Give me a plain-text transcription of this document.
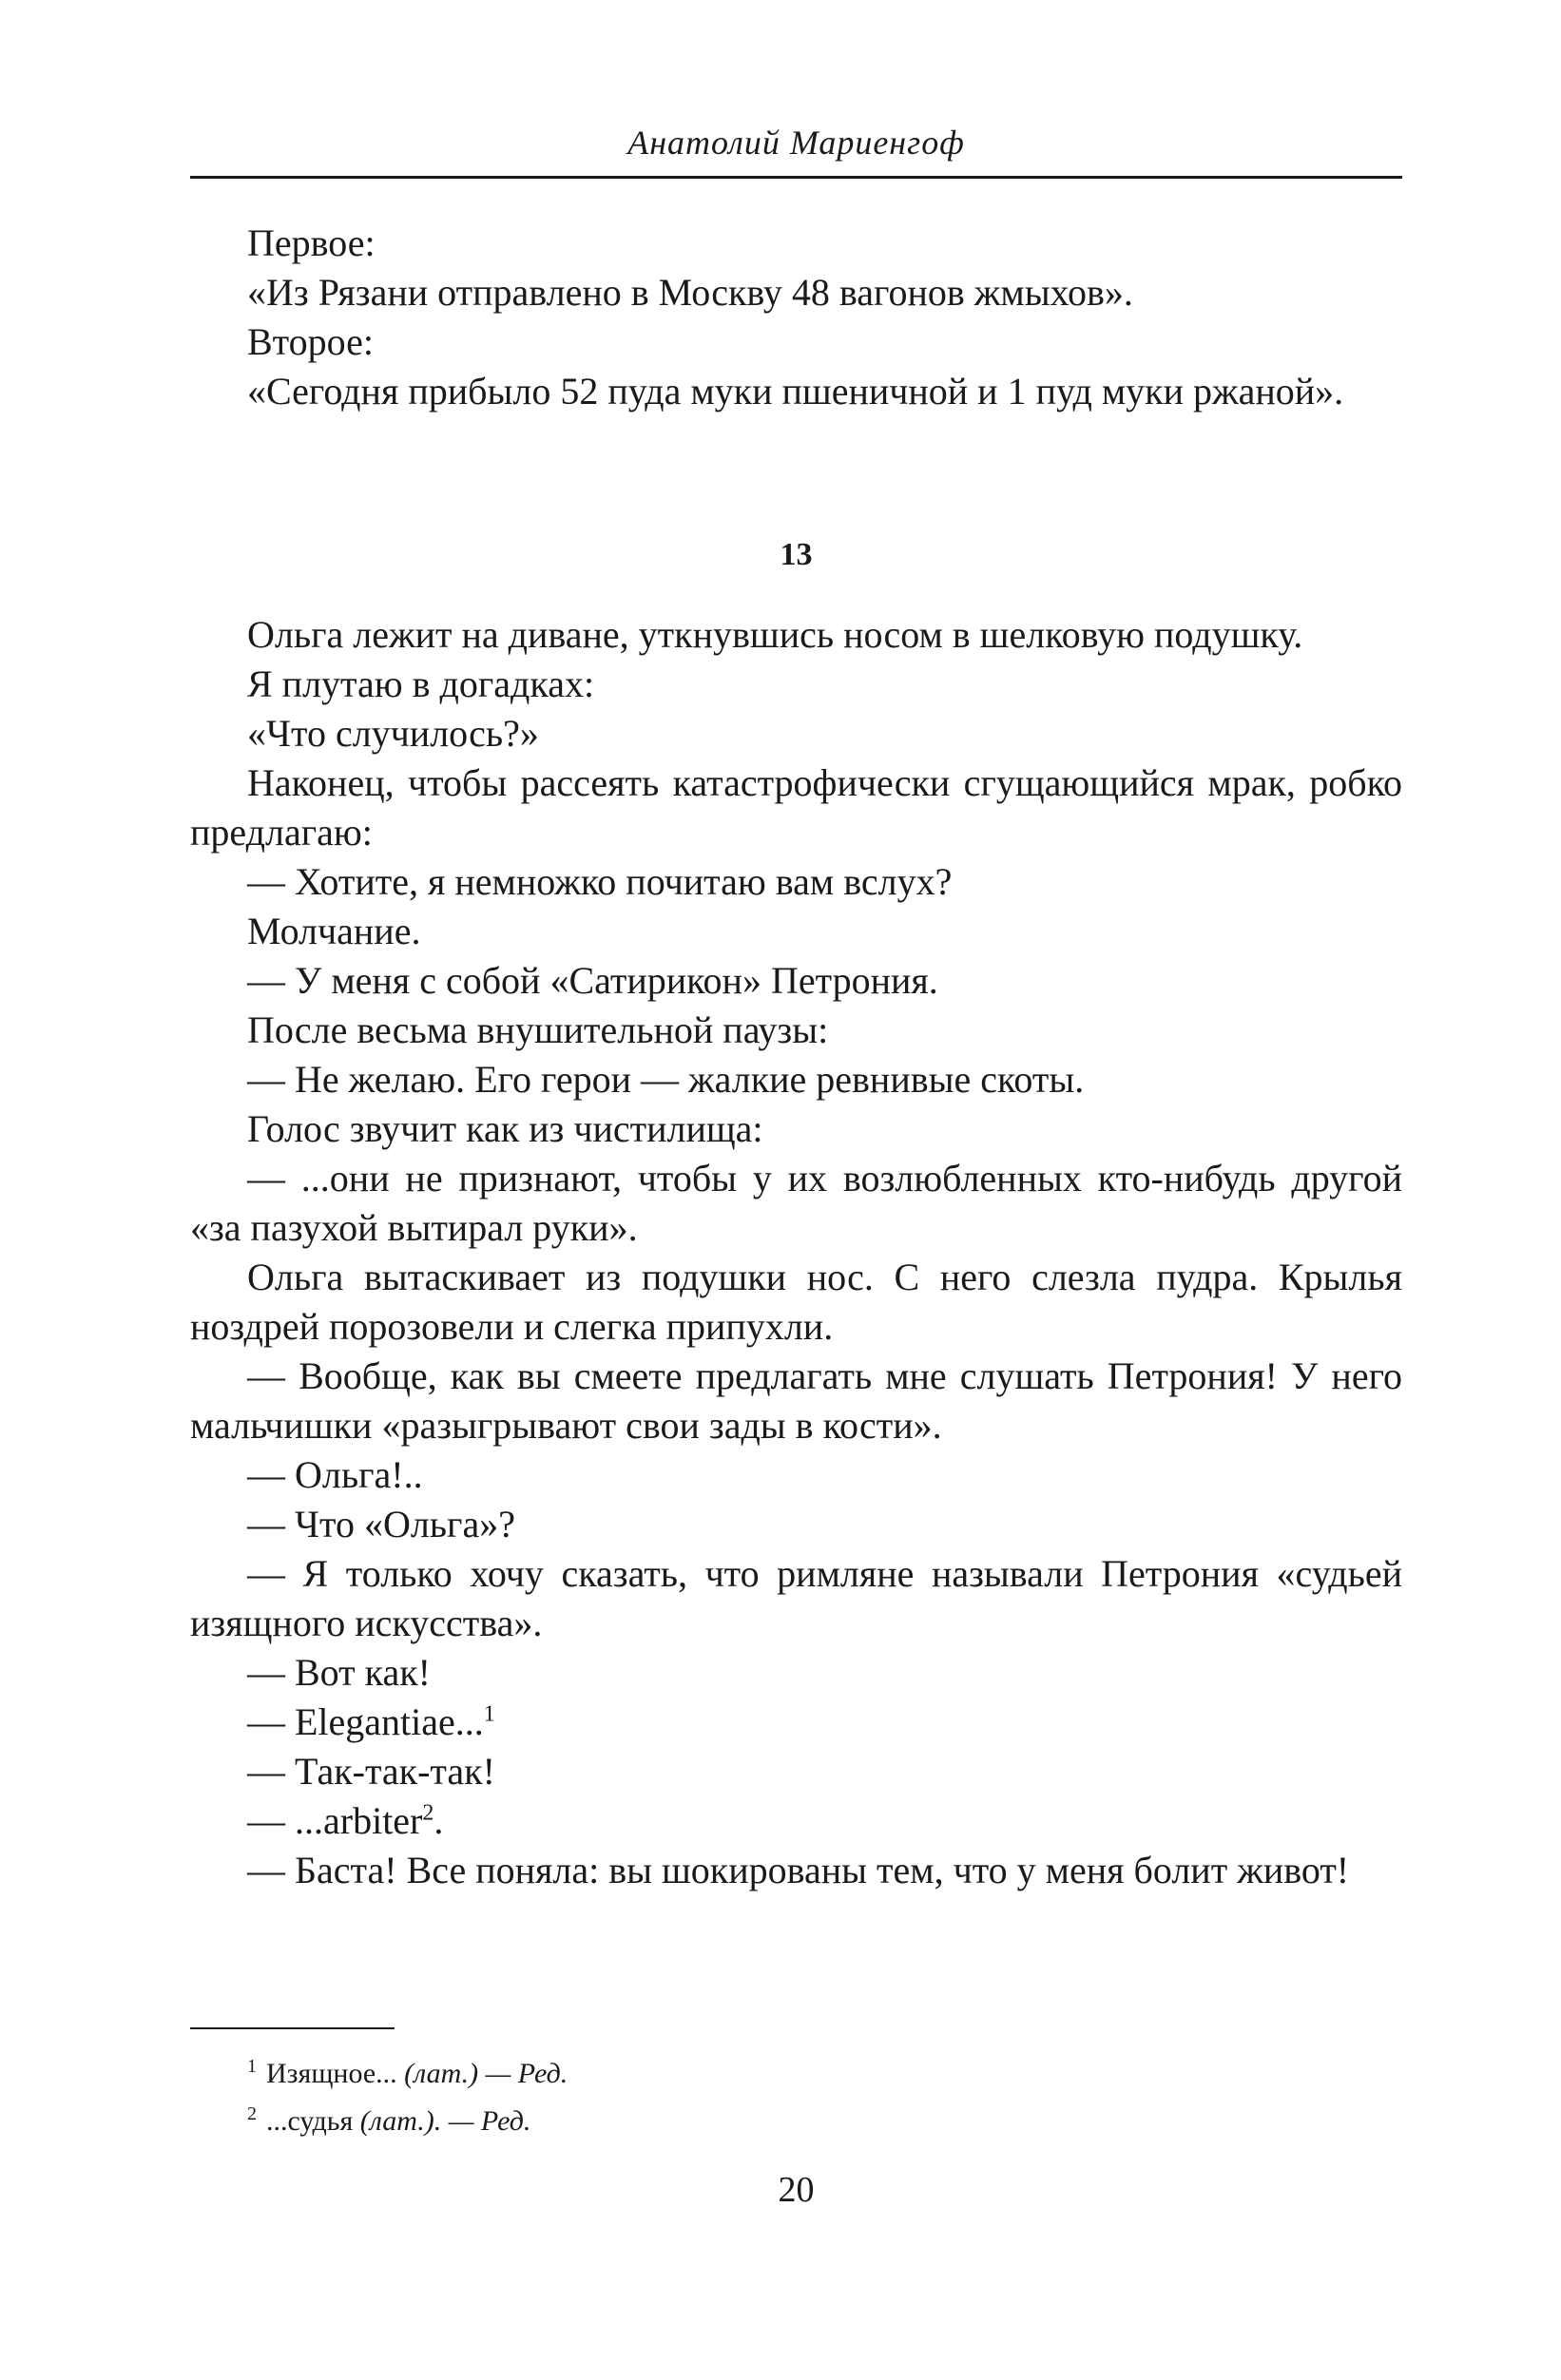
Анатолий Мариенгоф

Первое:

«Из Рязани отправлено в Москву 48 вагонов жмыхов».

Второе:

«Сегодня прибыло 52 пуда муки пшеничной и 1 пуд муки ржаной».

13

Ольга лежит на диване, уткнувшись носом в шелковую подушку.

Я плутаю в догадках:

«Что случилось?»

Наконец, чтобы рассеять катастрофически сгущающийся мрак, робко предлагаю:

— Хотите, я немножко почитаю вам вслух?

Молчание.

— У меня с собой «Сатирикон» Петрония.

После весьма внушительной паузы:

— Не желаю. Его герои — жалкие ревнивые скоты.

Голос звучит как из чистилища:

— ...они не признают, чтобы у их возлюбленных кто-нибудь другой «за пазухой вытирал руки».

Ольга вытаскивает из подушки нос. С него слезла пудра. Крылья ноздрей порозовели и слегка припухли.

— Вообще, как вы смеете предлагать мне слушать Петрония! У него мальчишки «разыгрывают свои зады в кости».

— Ольга!..

— Что «Ольга»?

— Я только хочу сказать, что римляне называли Петрония «судьей изящного искусства».

— Вот как!

— Elegantiae...$^1$

— Так-так-так!

— ...arbiter$^2$.

— Баста! Все поняла: вы шокированы тем, что у меня болит живот!

$^1$ Изящное... (лат.) — Ред.

$^2$ ...судья (лат.). — Ред.

20
